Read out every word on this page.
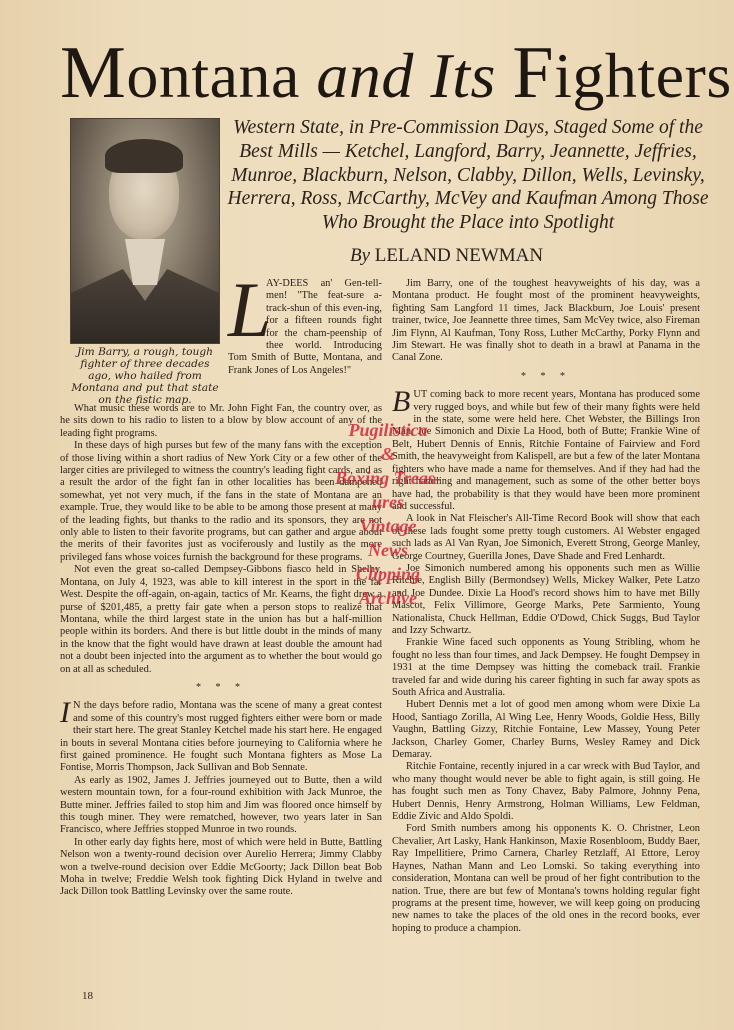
Montana and Its Fighters
Jim Barry, a rough, tough fighter of three decades ago, who hailed from Montana and put that state on the fistic map.
Western State, in Pre-Commission Days, Staged Some of the Best Mills — Ketchel, Langford, Barry, Jeannette, Jeffries, Munroe, Blackburn, Nelson, Clabby, Dillon, Wells, Levinsky, Herrera, Ross, McCarthy, McVey and Kaufman Among Those Who Brought the Place into Spotlight
By LELAND NEWMAN

L
AY-DEES an' Gen-tell-men! "The feat-sure a-track-shun of this even-ing, for a fifteen rounds fight for the cham-peenship of thee world. Introducing Tom Smith of Butte, Montana, and Frank Jones of Los Angeles!"

What music these words are to Mr. John Fight Fan, the country over, as he sits down to his radio to listen to a blow by blow account of any of the leading fight programs.

In these days of high purses but few of the many fans with the exception of those living within a short radius of New York City or a few other of the larger cities are privileged to witness the country's leading fight cards, and as a result the ardor of the fight fan in other localities has been dampened somewhat, yet not very much, if the fans in the state of Montana are an example. True, they would like to be able to be among those present at many of the leading fights, but thanks to the radio and its sponsors, they are not only able to listen to their favorite programs, but can gather and argue about the merits of their favorites just as vociferously and lustily as the more privileged fans whose voices furnish the background for these programs.

Not even the great so-called Dempsey-Gibbons fiasco held in Shelby, Montana, on July 4, 1923, was able to kill interest in the sport in the far West. Despite the off-again, on-again, tactics of Mr. Kearns, the fight drew a purse of $201,485, a pretty fair gate when a person stops to realize that Montana, while the third largest state in the union has but a half-million people within its borders. And there is but little doubt in the minds of many in the know that the fight would have drawn at least double the amount had not a doubt been injected into the argument as to whether the bout would go on at all as scheduled.

* * *

I N the days before radio, Montana was the scene of many a great contest and some of this country's most rugged fighters either were born or made their start here. The great Stanley Ketchel made his start here. He engaged in bouts in several Montana cities before journeying to California where he first gained prominence. He fought such Montana fighters as Mose La Fontise, Morris Thompson, Jack Sullivan and Bob Sennate.

As early as 1902, James J. Jeffries journeyed out to Butte, then a wild western mountain town, for a four-round exhibition with Jack Munroe, the Butte miner. Jeffries failed to stop him and Jim was floored once himself by this tough miner. They were rematched, however, two years later in San Francisco, where Jeffries stopped Munroe in two rounds.

In other early day fights here, most of which were held in Butte, Battling Nelson won a twenty-round decision over Aurelio Herrera; Jimmy Clabby won a twelve-round decision over Eddie McGoorty; Jack Dillon beat Bob Moha in twelve; Freddie Welsh took fighting Dick Hyland in twelve and Jack Dillon took Battling Levinsky over the same route.

Jim Barry, one of the toughest heavyweights of his day, was a Montana product. He fought most of the prominent heavyweights, fighting Sam Langford 11 times, Jack Blackburn, Joe Louis' present trainer, twice, Joe Jeannette three times, Sam McVey twice, also Fireman Jim Flynn, Al Kaufman, Tony Ross, Luther McCarthy, Porky Flynn and Jim Stewart. He was finally shot to death in a brawl at Panama in the Canal Zone.

* * *

BUT coming back to more recent years, Montana has produced some very rugged boys, and while but few of their many fights were held in the state, some were held here. Chet Webster, the Billings Iron Man; Joe Simonich and Dixie La Hood, both of Butte; Frankie Wine of Belt, Hubert Dennis of Ennis, Ritchie Fontaine of Fairview and Ford Smith, the heavyweight from Kalispell, are but a few of the later Montana fighters who have made a name for themselves. And if they had had the right handling and management, such as some of the other better boys have had, the probability is that they would have been more prominent and successful.

A look in Nat Fleischer's All-Time Record Book will show that each of these lads fought some pretty tough customers. Al Webster engaged such lads as Al Van Ryan, Joe Simonich, Everett Strong, George Manley, George Courtney, Guerilla Jones, Dave Shade and Fred Lenhardt.

Joe Simonich numbered among his opponents such men as Willie Ritchie, English Billy (Bermondsey) Wells, Mickey Walker, Pete Latzo and Joe Dundee. Dixie La Hood's record shows him to have met Billy Mascot, Felix Villimore, George Marks, Pete Sarmiento, Young Nationalista, Chuck Hellman, Eddie O'Dowd, Chick Suggs, Bud Taylor and Izzy Schwartz.

Frankie Wine faced such opponents as Young Stribling, whom he fought no less than four times, and Jack Dempsey. He fought Dempsey in 1931 at the time Dempsey was hitting the comeback trail. Frankie traveled far and wide during his career fighting in such far away spots as South Africa and Australia.

Hubert Dennis met a lot of good men among whom were Dixie La Hood, Santiago Zorilla, Al Wing Lee, Henry Woods, Goldie Hess, Billy Vaughn, Battling Gizzy, Ritchie Fontaine, Lew Massey, Young Peter Jackson, Charley Gomer, Charley Burns, Wesley Ramey and Dick Demaray.

Ritchie Fontaine, recently injured in a car wreck with Bud Taylor, and who many thought would never be able to fight again, is still going. He has fought such men as Tony Chavez, Baby Palmore, Johnny Pena, Hubert Dennis, Henry Armstrong, Holman Williams, Lew Feldman, Eddie Zivic and Aldo Spoldi.

Ford Smith numbers among his opponents K. O. Christner, Leon Chevalier, Art Lasky, Hank Hankinson, Maxie Rosenbloom, Buddy Baer, Ray Impellitiere, Primo Carnera, Charley Retzlaff, Al Ettore, Leroy Haynes, Nathan Mann and Leo Lomski. So taking everything into consideration, Montana can well be proud of her fight contribution to the nation. True, there are but few of Montana's towns holding regular fight programs at the present time, however, we will keep going on producing new names to take the places of the old ones in the record books, ever hoping to produce a champion.

Pugilistica
&
Boxing Treas-
ures
Vintage
News
Clipping
Archive
18
